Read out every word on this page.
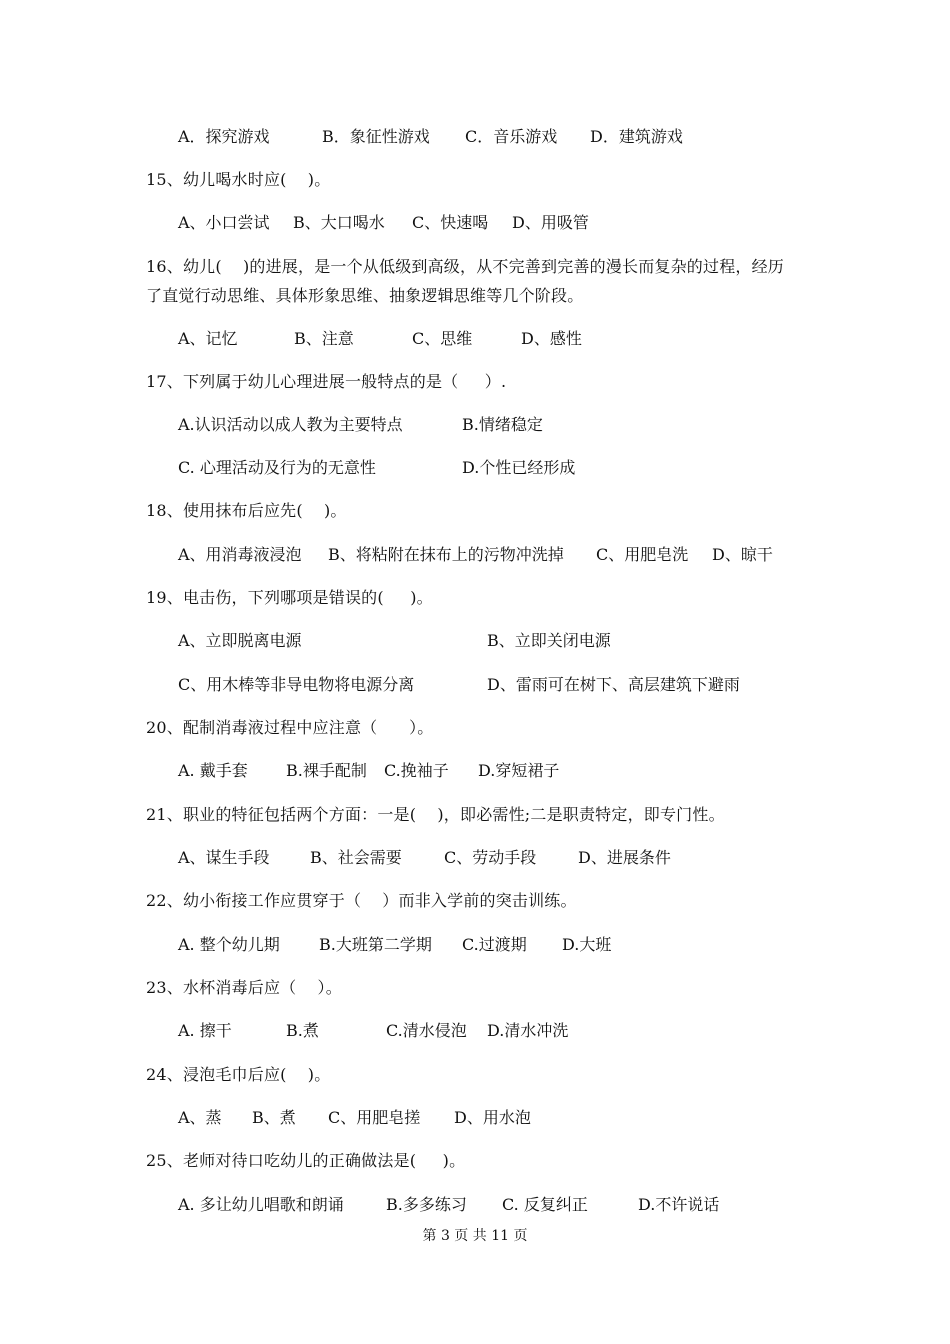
A．探究游戏	B．象征性游戏 C．音乐游戏 D．建筑游戏
15、幼儿喝水时应(    )。
A、小口尝试 B、大口喝水 C、快速喝 D、用吸管
16、幼儿(    )的进展，是一个从低级到高级，从不完善到完善的漫长而复杂的过程，经历
了直觉行动思维、具体形象思维、抽象逻辑思维等几个阶段。
A、记忆	B、注意	C、思维	D、感性
17、下列属于幼儿心理进展一般特点的是（     ）.
A.认识活动以成人教为主要特点	B.情绪稳定
C. 心理活动及行为的无意性	D.个性已经形成
18、使用抹布后应先(    )。
A、用消毒液浸泡 B、将粘附在抹布上的污物冲洗掉 C、用肥皂洗 D、晾干
19、电击伤，下列哪项是错误的(     )。
A、立即脱离电源	B、立即关闭电源
C、用木棒等非导电物将电源分离	D、雷雨可在树下、高层建筑下避雨
20、配制消毒液过程中应注意（      ）。
A. 戴手套 B.裸手配制 C.挽袖子 D.穿短裙子
21、职业的特征包括两个方面：一是(    )，即必需性;二是职责特定，即专门性。
A、谋生手段	B、社会需要	C、劳动手段	D、进展条件
22、幼小衔接工作应贯穿于（    ）而非入学前的突击训练。
A. 整个幼儿期 B.大班第二学期 C.过渡期 D.大班
23、水杯消毒后应（    ）。
A. 擦干	B.煮	C.清水侵泡 D.清水冲洗
24、浸泡毛巾后应(    )。
A、蒸 B、煮 C、用肥皂搓 D、用水泡
25、老师对待口吃幼儿的正确做法是(     )。
A. 多让幼儿唱歌和朗诵	B.多多练习 C. 反复纠正	D.不许说话
第 3 页 共 11 页
